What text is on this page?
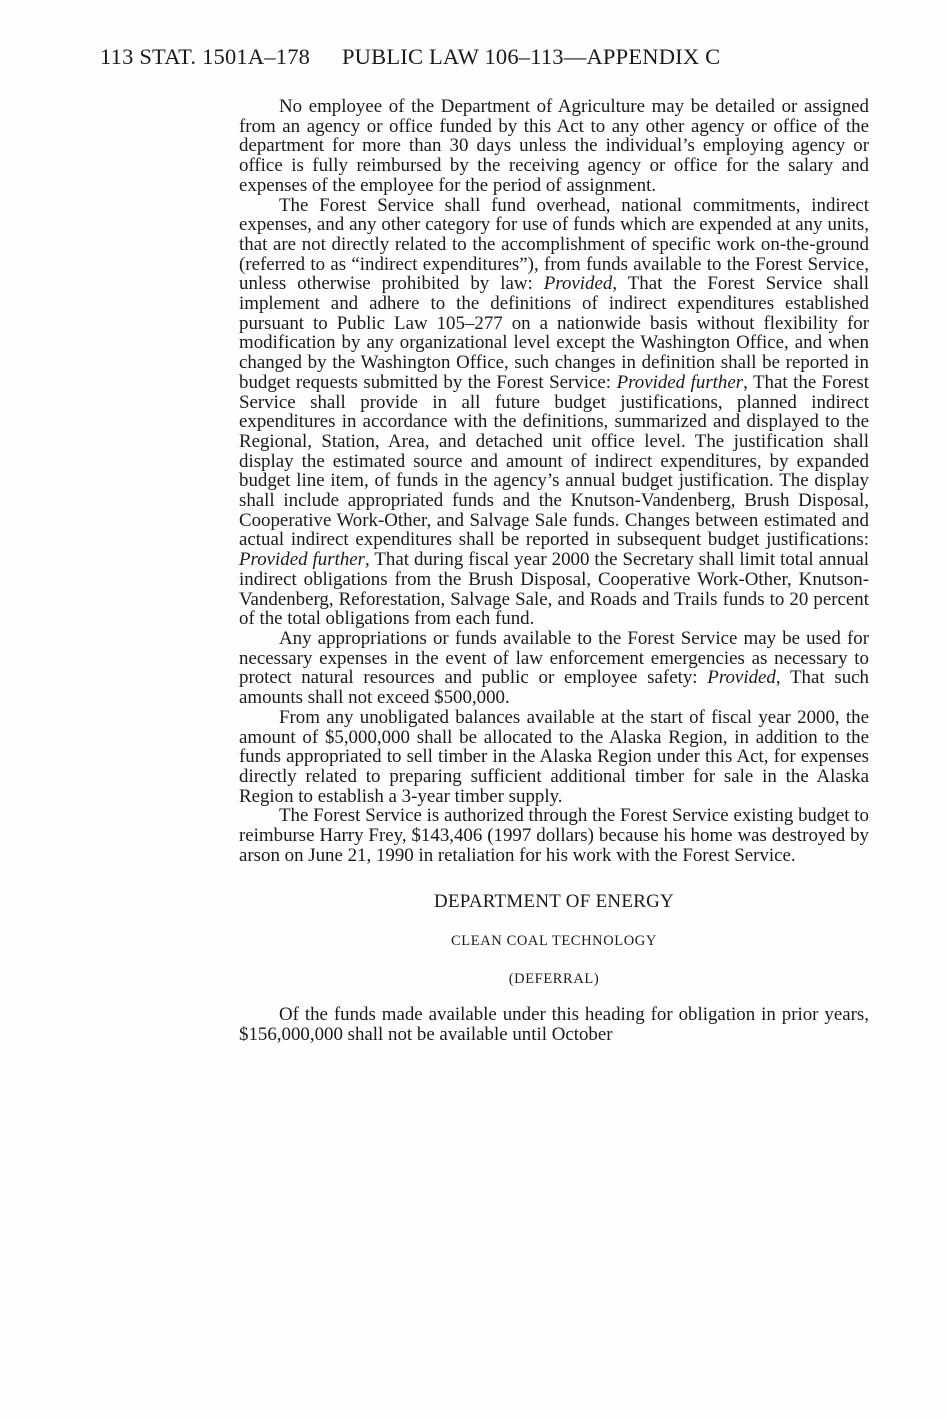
113 STAT. 1501A–178 PUBLIC LAW 106–113—APPENDIX C

No employee of the Department of Agriculture may be detailed or assigned from an agency or office funded by this Act to any other agency or office of the department for more than 30 days unless the individual’s employing agency or office is fully reimbursed by the receiving agency or office for the salary and expenses of the employee for the period of assignment.

The Forest Service shall fund overhead, national commitments, indirect expenses, and any other category for use of funds which are expended at any units, that are not directly related to the accomplishment of specific work on-the-ground (referred to as “indirect expenditures”), from funds available to the Forest Service, unless otherwise prohibited by law: Provided, That the Forest Service shall implement and adhere to the definitions of indirect expenditures established pursuant to Public Law 105–277 on a nationwide basis without flexibility for modification by any organizational level except the Washington Office, and when changed by the Washington Office, such changes in definition shall be reported in budget requests submitted by the Forest Service: Provided further, That the Forest Service shall provide in all future budget justifications, planned indirect expenditures in accordance with the definitions, summarized and displayed to the Regional, Station, Area, and detached unit office level. The justification shall display the estimated source and amount of indirect expenditures, by expanded budget line item, of funds in the agency’s annual budget justification. The display shall include appropriated funds and the Knutson-Vandenberg, Brush Disposal, Cooperative Work-Other, and Salvage Sale funds. Changes between estimated and actual indirect expenditures shall be reported in subsequent budget justifications: Provided further, That during fiscal year 2000 the Secretary shall limit total annual indirect obligations from the Brush Disposal, Cooperative Work-Other, Knutson-Vandenberg, Reforestation, Salvage Sale, and Roads and Trails funds to 20 percent of the total obligations from each fund.

Any appropriations or funds available to the Forest Service may be used for necessary expenses in the event of law enforcement emergencies as necessary to protect natural resources and public or employee safety: Provided, That such amounts shall not exceed $500,000.

From any unobligated balances available at the start of fiscal year 2000, the amount of $5,000,000 shall be allocated to the Alaska Region, in addition to the funds appropriated to sell timber in the Alaska Region under this Act, for expenses directly related to preparing sufficient additional timber for sale in the Alaska Region to establish a 3-year timber supply.

The Forest Service is authorized through the Forest Service existing budget to reimburse Harry Frey, $143,406 (1997 dollars) because his home was destroyed by arson on June 21, 1990 in retaliation for his work with the Forest Service.

DEPARTMENT OF ENERGY

CLEAN COAL TECHNOLOGY

(DEFERRAL)

Of the funds made available under this heading for obligation in prior years, $156,000,000 shall not be available until October
